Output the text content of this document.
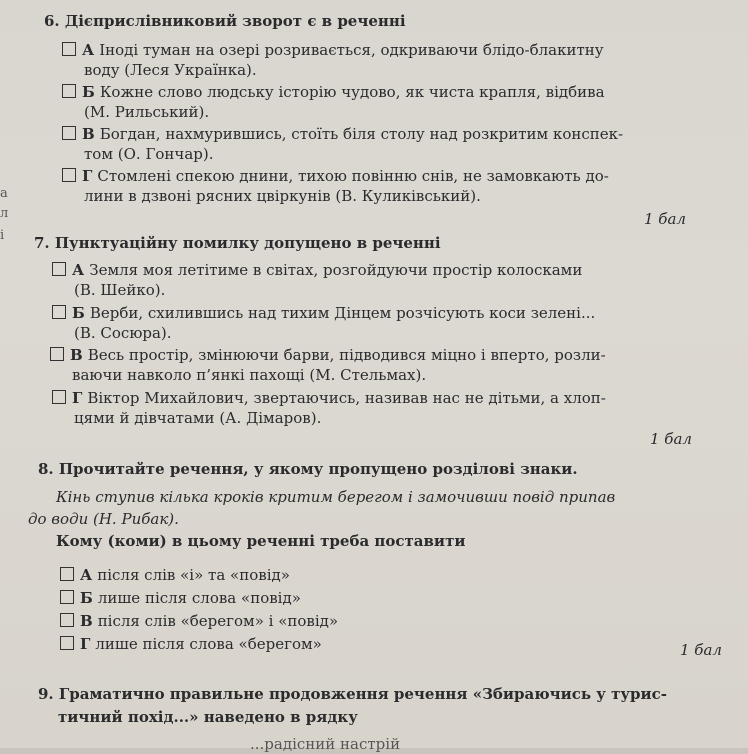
а
л
і
6. Дієприслівниковий зворот є в реченні
А Іноді туман на озері розривається, одкриваючи блідо-блакитну
воду (Леся Українка).
Б Кожне слово людську історію чудово, як чиста крапля, відбива
(М. Рильський).
В Богдан, нахмурившись, стоїть біля столу над розкритим конспек-
том (О. Гончар).
Г Стомлені спекою днини, тихою повінню снів, не замовкають до-
лини в дзвоні рясних цвіркунів (В. Куликівський).
1 бал
7. Пунктуаційну помилку допущено в реченні
А Земля моя летітиме в світах, розгойдуючи простір колосками
(В. Шейко).
Б Верби, схилившись над тихим Дінцем розчісують коси зелені...
(В. Сосюра).
В Весь простір, змінюючи барви, підводився міцно і вперто, розли-
ваючи навколо п’янкі пахощі (М. Стельмах).
Г Віктор Михайлович, звертаючись, називав нас не дітьми, а хлоп-
цями й дівчатами (А. Дімаров).
1 бал
8. Прочитайте речення, у якому пропущено розділові знаки.
Кінь ступив кілька кроків критим берегом і замочивши повід припав
до води (Н. Рибак).
Кому (коми) в цьому реченні треба поставити
А після слів «і» та «повід»
Б лише після слова «повід»
В після слів «берегом» і «повід»
Г лише після слова «берегом»	1 бал
9. Граматично правильне продовження речення «Збираючись у турис-
тичний похід...» наведено в рядку
...радісний настрій
